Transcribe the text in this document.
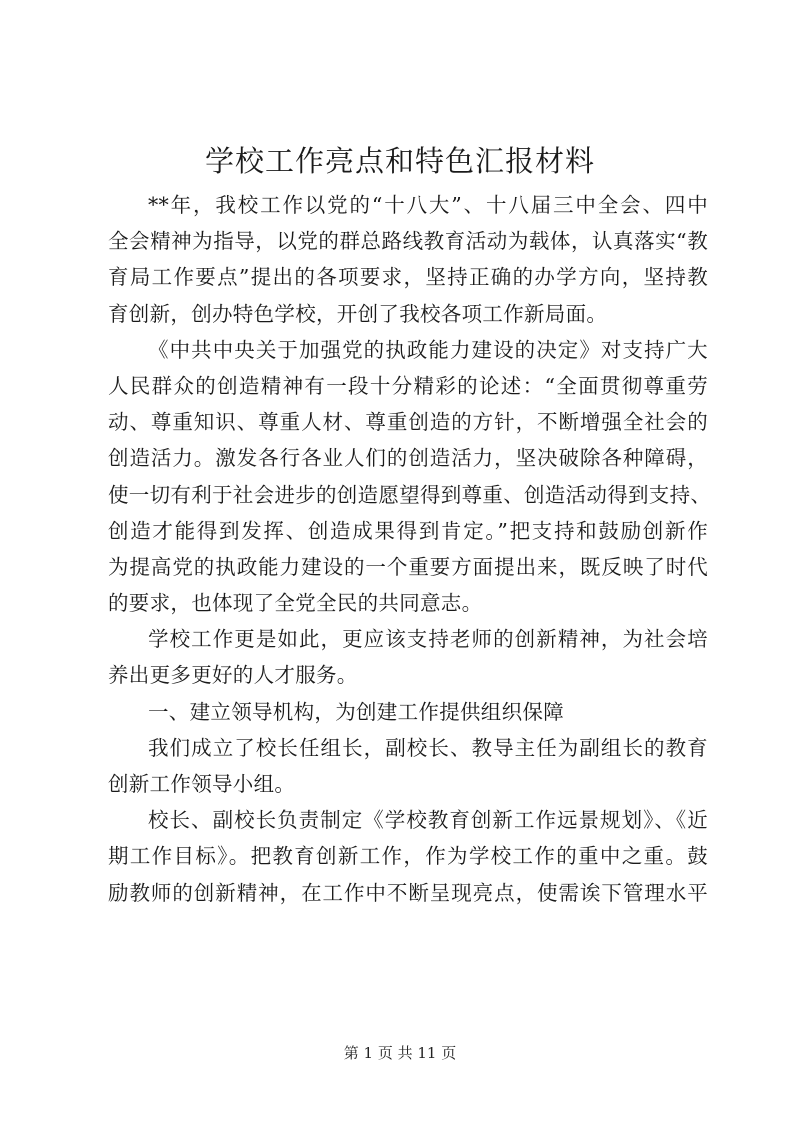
学校工作亮点和特色汇报材料
**年，我校工作以党的“十八大”、十八届三中全会、四中
全会精神为指导，以党的群总路线教育活动为载体，认真落实“教
育局工作要点”提出的各项要求，坚持正确的办学方向，坚持教
育创新，创办特色学校，开创了我校各项工作新局面。
《中共中央关于加强党的执政能力建设的决定》对支持广大
人民群众的创造精神有一段十分精彩的论述：“全面贯彻尊重劳
动、尊重知识、尊重人材、尊重创造的方针，不断增强全社会的
创造活力。激发各行各业人们的创造活力，坚决破除各种障碍，
使一切有利于社会进步的创造愿望得到尊重、创造活动得到支持、
创造才能得到发挥、创造成果得到肯定。”把支持和鼓励创新作
为提高党的执政能力建设的一个重要方面提出来，既反映了时代
的要求，也体现了全党全民的共同意志。
学校工作更是如此，更应该支持老师的创新精神，为社会培
养出更多更好的人才服务。
一、建立领导机构，为创建工作提供组织保障
我们成立了校长任组长，副校长、教导主任为副组长的教育
创新工作领导小组。
校长、副校长负责制定《学校教育创新工作远景规划》、《近
期工作目标》。把教育创新工作，作为学校工作的重中之重。鼓
励教师的创新精神，在工作中不断呈现亮点，使需诶下管理水平
第 1 页 共 11 页
